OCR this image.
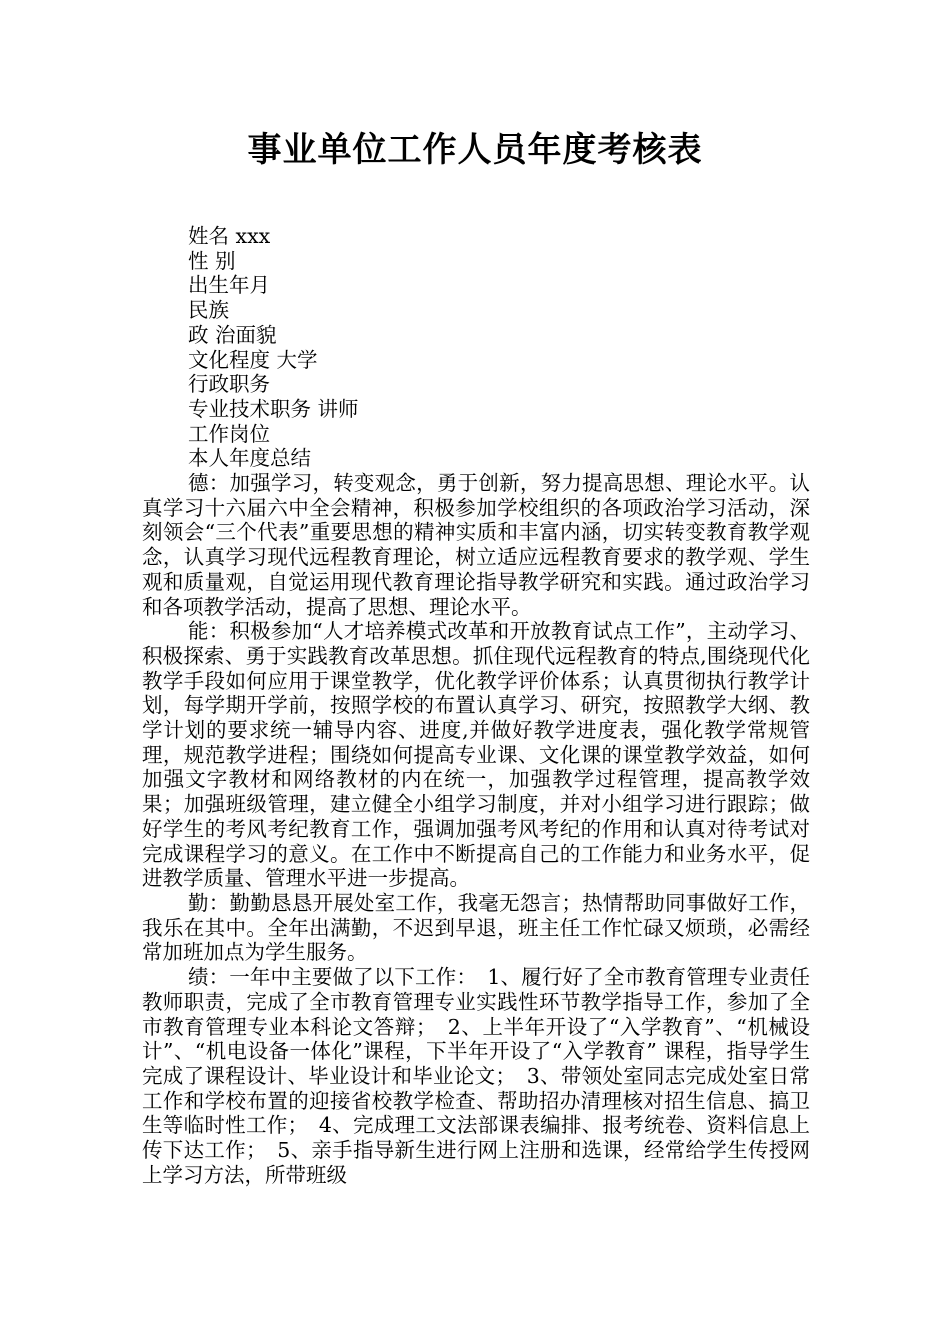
事业单位工作人员年度考核表

姓名 xxx

性 别

出生年月

民族

政 治面貌

文化程度 大学

行政职务

专业技术职务 讲师

工作岗位

本人年度总结

德：加强学习，转变观念，勇于创新，努力提高思想、理论水平。认真学习十六届六中全会精神，积极参加学校组织的各项政治学习活动，深刻领会“三个代表”重要思想的精神实质和丰富内涵，切实转变教育教学观念，认真学习现代远程教育理论，树立适应远程教育要求的教学观、学生观和质量观，自觉运用现代教育理论指导教学研究和实践。通过政治学习和各项教学活动，提高了思想、理论水平。

能：积极参加“人才培养模式改革和开放教育试点工作”，主动学习、积极探索、勇于实践教育改革思想。抓住现代远程教育的特点,围绕现代化教学手段如何应用于课堂教学，优化教学评价体系；认真贯彻执行教学计划，每学期开学前，按照学校的布置认真学习、研究，按照教学大纲、教学计划的要求统一辅导内容、进度,并做好教学进度表，强化教学常规管理，规范教学进程；围绕如何提高专业课、文化课的课堂教学效益，如何加强文字教材和网络教材的内在统一，加强教学过程管理，提高教学效果；加强班级管理，建立健全小组学习制度，并对小组学习进行跟踪；做好学生的考风考纪教育工作，强调加强考风考纪的作用和认真对待考试对完成课程学习的意义。在工作中不断提高自己的工作能力和业务水平，促进教学质量、管理水平进一步提高。

勤：勤勤恳恳开展处室工作，我毫无怨言；热情帮助同事做好工作，我乐在其中。全年出满勤，不迟到早退，班主任工作忙碌又烦琐，必需经常加班加点为学生服务。

绩：一年中主要做了以下工作：　1、履行好了全市教育管理专业责任教师职责，完成了全市教育管理专业实践性环节教学指导工作，参加了全市教育管理专业本科论文答辩；　2、上半年开设了“入学教育”、“机械设计”、“机电设备一体化”课程，下半年开设了“入学教育” 课程，指导学生完成了课程设计、毕业设计和毕业论文；　3、带领处室同志完成处室日常工作和学校布置的迎接省校教学检查、帮助招办清理核对招生信息、搞卫生等临时性工作；　4、完成理工文法部课表编排、报考统卷、资料信息上传下达工作；　5、亲手指导新生进行网上注册和选课，经常给学生传授网上学习方法，所带班级
